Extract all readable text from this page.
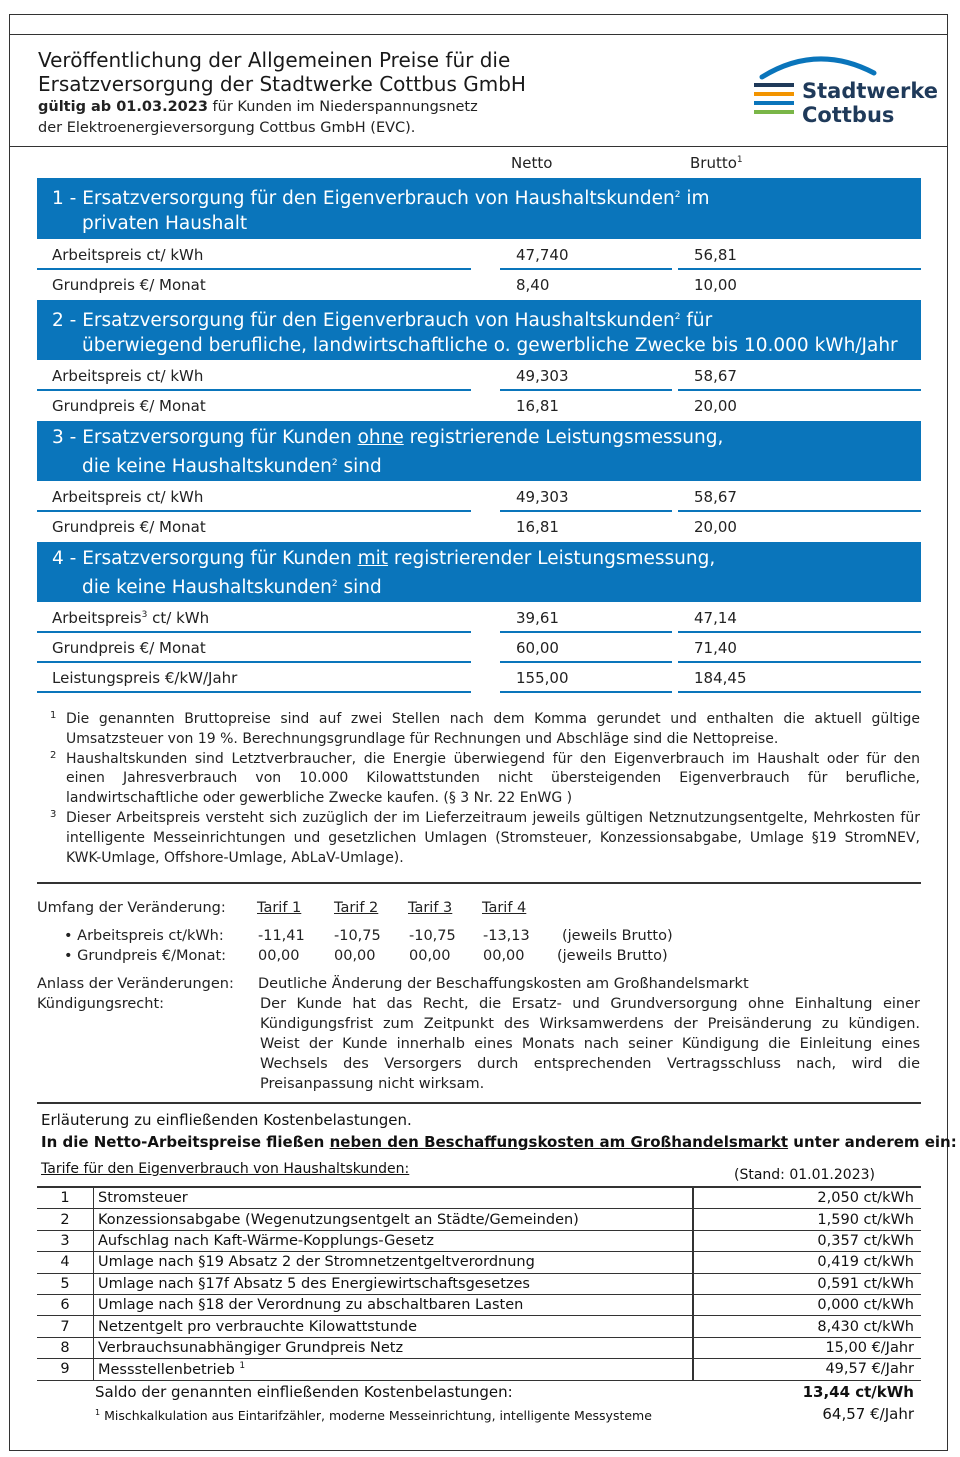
Veröffentlichung der Allgemeinen Preise für die
Ersatzversorgung der Stadtwerke Cottbus GmbH
gültig ab 01.03.2023 für Kunden im Niederspannungsnetz
der Elektroenergieversorgung Cottbus GmbH (EVC).
Stadtwerke
Cottbus
Netto	Brutto$^1$
1 - Ersatzversorgung für den Eigenverbrauch von Haushaltskunden$^2$ im
privaten Haushalt
Arbeitspreis ct/ kWh	47,740	56,81
Grundpreis €/ Monat	8,40	10,00
2 - Ersatzversorgung für den Eigenverbrauch von Haushaltskunden$^2$ für
überwiegend berufliche, landwirtschaftliche o. gewerbliche Zwecke bis 10.000 kWh/Jahr
Arbeitspreis ct/ kWh	49,303	58,67
Grundpreis €/ Monat	16,81	20,00
3 - Ersatzversorgung für Kunden ohne registrierende Leistungsmessung,
die keine Haushaltskunden$^2$ sind
Arbeitspreis ct/ kWh	49,303	58,67
Grundpreis €/ Monat	16,81	20,00
4 - Ersatzversorgung für Kunden mit registrierender Leistungsmessung,
die keine Haushaltskunden$^2$ sind
Arbeitspreis$^3$ ct/ kWh	39,61	47,14
Grundpreis €/ Monat	60,00	71,40
Leistungspreis €/kW/Jahr	155,00	184,45
1 Die genannten Bruttopreise sind auf zwei Stellen nach dem Komma gerundet und enthalten die aktuell gültige Umsatzsteuer von 19 %. Berechnungsgrundlage für Rechnungen und Abschläge sind die Nettopreise.
2 Haushaltskunden sind Letztverbraucher, die Energie überwiegend für den Eigenverbrauch im Haushalt oder für den einen Jahresverbrauch von 10.000 Kilowattstunden nicht übersteigenden Eigenverbrauch für berufliche, landwirtschaftliche oder gewerbliche Zwecke kaufen. (§ 3 Nr. 22 EnWG )
3 Dieser Arbeitspreis versteht sich zuzüglich der im Lieferzeitraum jeweils gültigen Netznutzungsentgelte, Mehrkosten für intelligente Messeinrichtungen und gesetzlichen Umlagen (Stromsteuer, Konzessionsabgabe, Umlage §19 StromNEV, KWK-Umlage, Offshore-Umlage, AbLaV-Umlage).
Umfang der Veränderung: Tarif 1 Tarif 2 Tarif 3 Tarif 4
• Arbeitspreis ct/kWh: -11,41 -10,75 -10,75 -13,13 (jeweils Brutto)
• Grundpreis €/Monat: 00,00 00,00 00,00 00,00 (jeweils Brutto)
Anlass der Veränderungen: Deutliche Änderung der Beschaffungskosten am Großhandelsmarkt
Kündigungsrecht:	Der Kunde hat das Recht, die Ersatz- und Grundversorgung ohne Einhaltung einer Kündigungsfrist zum Zeitpunkt des Wirksamwerdens der Preisänderung zu kündigen. Weist der Kunde innerhalb eines Monats nach seiner Kündigung die Einleitung eines Wechsels des Versorgers durch entsprechenden Vertragsschluss nach, wird die Preisanpassung nicht wirksam.
Erläuterung zu einfließenden Kostenbelastungen.
In die Netto-Arbeitspreise fließen neben den Beschaffungskosten am Großhandelsmarkt unter anderem ein:
Tarife für den Eigenverbrauch von Haushaltskunden:	(Stand: 01.01.2023)
1	Stromsteuer	2,050 ct/kWh
2	Konzessionsabgabe (Wegenutzungsentgelt an Städte/Gemeinden)	1,590 ct/kWh
3	Aufschlag nach Kaft-Wärme-Kopplungs-Gesetz	0,357 ct/kWh
4	Umlage nach §19 Absatz 2 der Stromnetzentgeltverordnung	0,419 ct/kWh
5	Umlage nach §17f Absatz 5 des Energiewirtschaftsgesetzes	0,591 ct/kWh
6	Umlage nach §18 der Verordnung zu abschaltbaren Lasten	0,000 ct/kWh
7	Netzentgelt pro verbrauchte Kilowattstunde	8,430 ct/kWh
8	Verbrauchsunabhängiger Grundpreis Netz	15,00 €/Jahr
9	Messstellenbetrieb $^1$	49,57 €/Jahr
Saldo der genannten einfließenden Kostenbelastungen:	13,44 ct/kWh
64,57 €/Jahr
$^1$ Mischkalkulation aus Eintarifzähler, moderne Messeinrichtung, intelligente Messysteme
